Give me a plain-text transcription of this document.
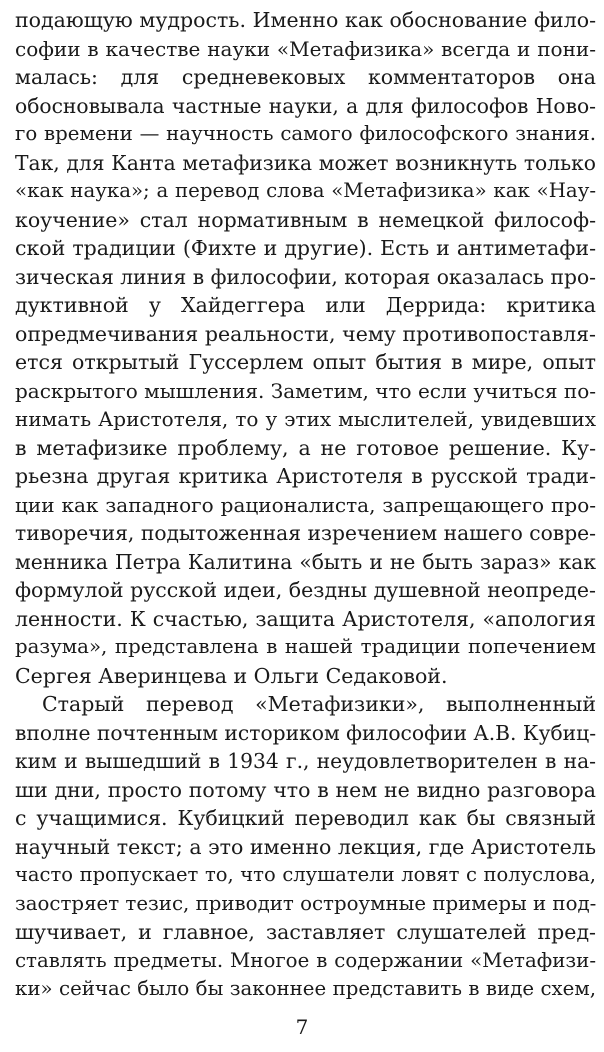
подающую мудрость. Именно как обоснование фило-
софии в качестве науки «Метафизика» всегда и пони-
малась: для средневековых комментаторов она
обосновывала частные науки, а для философов Ново-
го времени — научность самого философского знания.
Так, для Канта метафизика может возникнуть только
«как наука»; а перевод слова «Метафизика» как «Нау-
коучение» стал нормативным в немецкой философ-
ской традиции (Фихте и другие). Есть и антиметафи-
зическая линия в философии, которая оказалась про-
дуктивной у Хайдеггера или Деррида: критика
опредмечивания реальности, чему противопоставля-
ется открытый Гуссерлем опыт бытия в мире, опыт
раскрытого мышления. Заметим, что если учиться по-
нимать Аристотеля, то у этих мыслителей, увидевших
в метафизике проблему, а не готовое решение. Ку-
рьезна другая критика Аристотеля в русской тради-
ции как западного рационалиста, запрещающего про-
тиворечия, подытоженная изречением нашего совре-
менника Петра Калитина «быть и не быть зараз» как
формулой русской идеи, бездны душевной неопреде-
ленности. К счастью, защита Аристотеля, «апология
разума», представлена в нашей традиции попечением
Сергея Аверинцева и Ольги Седаковой.
Старый перевод «Метафизики», выполненный
вполне почтенным историком философии А.В. Кубиц-
ким и вышедший в 1934 г., неудовлетворителен в на-
ши дни, просто потому что в нем не видно разговора
с учащимися. Кубицкий переводил как бы связный
научный текст; а это именно лекция, где Аристотель
часто пропускает то, что слушатели ловят с полуслова,
заостряет тезис, приводит остроумные примеры и под-
шучивает, и главное, заставляет слушателей пред-
ставлять предметы. Многое в содержании «Метафизи-
ки» сейчас было бы законнее представить в виде схем,
7
